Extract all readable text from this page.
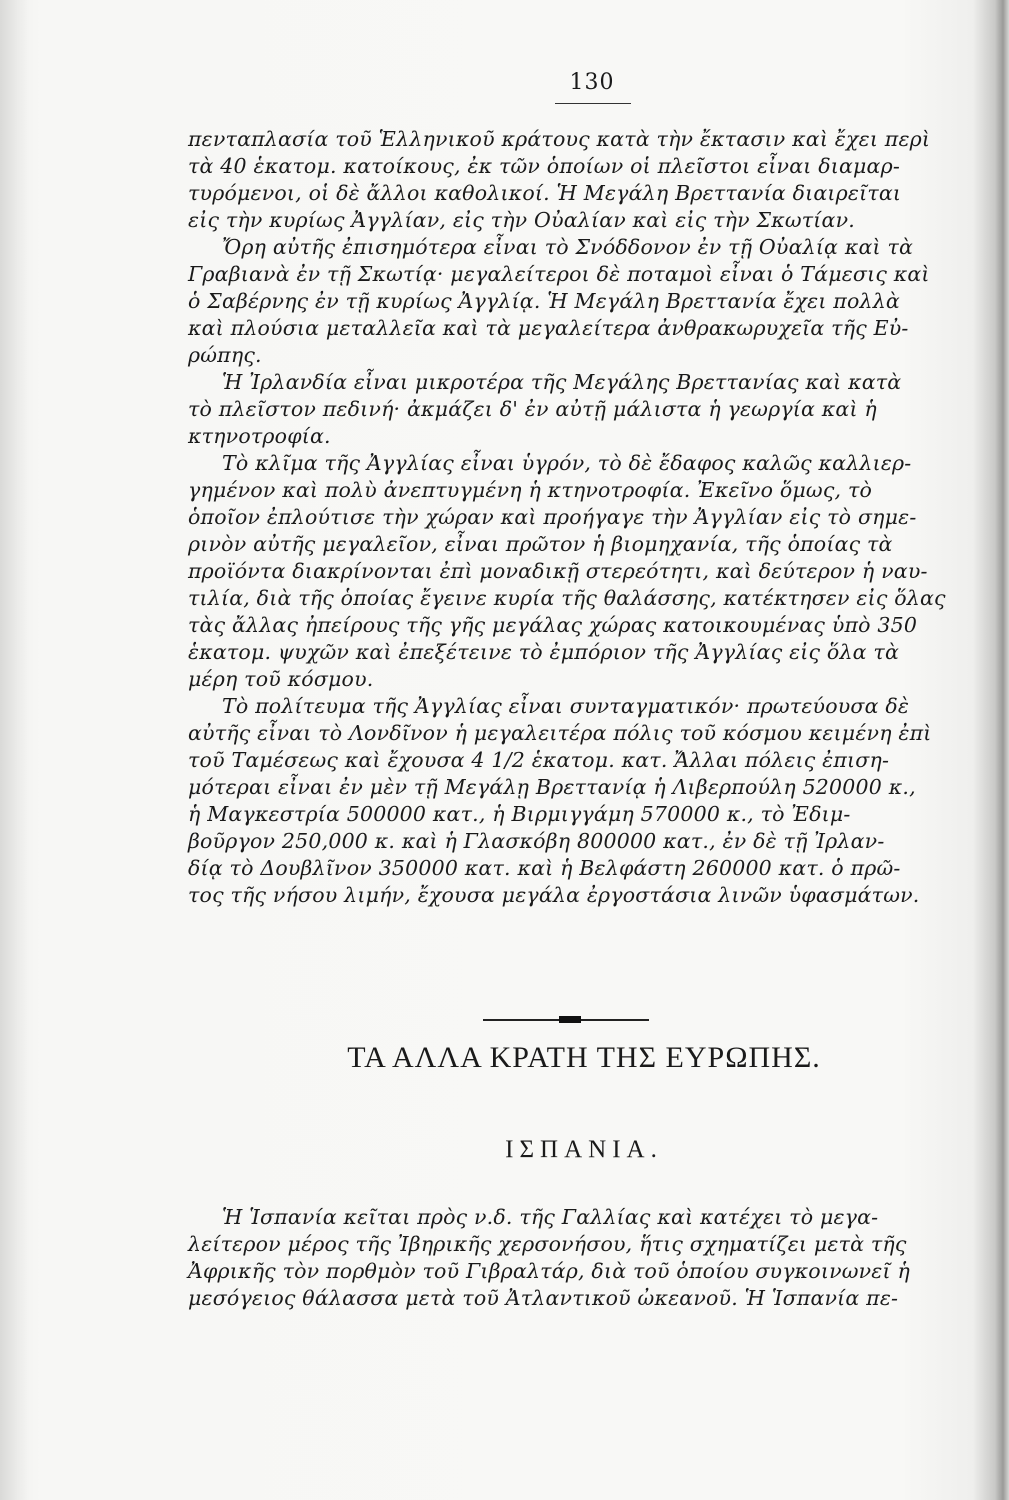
130
πενταπλασία τοῦ Ἑλληνικοῦ κράτους κατὰ τὴν ἔκτασιν καὶ ἔχει περὶ
τὰ 40 ἑκατομ. κατοίκους, ἐκ τῶν ὁποίων οἱ πλεῖστοι εἶναι διαμαρ-
τυρόμενοι, οἱ δὲ ἄλλοι καθολικοί. Ἡ Μεγάλη Βρεττανία διαιρεῖται
εἰς τὴν κυρίως Ἀγγλίαν, εἰς τὴν Οὐαλίαν καὶ εἰς τὴν Σκωτίαν.
Ὄρη αὐτῆς ἐπισημότερα εἶναι τὸ Σνόδδονον ἐν τῇ Οὐαλίᾳ καὶ τὰ
Γραβιανὰ ἐν τῇ Σκωτίᾳ· μεγαλείτεροι δὲ ποταμοὶ εἶναι ὁ Τάμεσις καὶ
ὁ Σαβέρνης ἐν τῇ κυρίως Ἀγγλίᾳ. Ἡ Μεγάλη Βρεττανία ἔχει πολλὰ
καὶ πλούσια μεταλλεῖα καὶ τὰ μεγαλείτερα ἀνθρακωρυχεῖα τῆς Εὐ-
ρώπης.
Ἡ Ἰρλανδία εἶναι μικροτέρα τῆς Μεγάλης Βρεττανίας καὶ κατὰ
τὸ πλεῖστον πεδινή· ἀκμάζει δ' ἐν αὐτῇ μάλιστα ἡ γεωργία καὶ ἡ
κτηνοτροφία.
Τὸ κλῖμα τῆς Ἀγγλίας εἶναι ὑγρόν, τὸ δὲ ἔδαφος καλῶς καλλιερ-
γημένον καὶ πολὺ ἀνεπτυγμένη ἡ κτηνοτροφία. Ἐκεῖνο ὅμως, τὸ
ὁποῖον ἐπλούτισε τὴν χώραν καὶ προήγαγε τὴν Ἀγγλίαν εἰς τὸ σημε-
ρινὸν αὐτῆς μεγαλεῖον, εἶναι πρῶτον ἡ βιομηχανία, τῆς ὁποίας τὰ
προϊόντα διακρίνονται ἐπὶ μοναδικῇ στερεότητι, καὶ δεύτερον ἡ ναυ-
τιλία, διὰ τῆς ὁποίας ἔγεινε κυρία τῆς θαλάσσης, κατέκτησεν εἰς ὅλας
τὰς ἄλλας ἠπείρους τῆς γῆς μεγάλας χώρας κατοικουμένας ὑπὸ 350
ἑκατομ. ψυχῶν καὶ ἐπεξέτεινε τὸ ἐμπόριον τῆς Ἀγγλίας εἰς ὅλα τὰ
μέρη τοῦ κόσμου.
Τὸ πολίτευμα τῆς Ἀγγλίας εἶναι συνταγματικόν· πρωτεύουσα δὲ
αὐτῆς εἶναι τὸ Λονδῖνον ἡ μεγαλειτέρα πόλις τοῦ κόσμου κειμένη ἐπὶ
τοῦ Ταμέσεως καὶ ἔχουσα 4 1/2 ἑκατομ. κατ. Ἄλλαι πόλεις ἐπιση-
μότεραι εἶναι ἐν μὲν τῇ Μεγάλῃ Βρεττανίᾳ ἡ Λιβερπούλη 520000 κ.,
ἡ Μαγκεστρία 500000 κατ., ἡ Βιρμιγγάμη 570000 κ., τὸ Ἐδιμ-
βοῦργον 250,000 κ. καὶ ἡ Γλασκόβη 800000 κατ., ἐν δὲ τῇ Ἰρλαν-
δίᾳ τὸ Δουβλῖνον 350000 κατ. καὶ ἡ Βελφάστη 260000 κατ. ὁ πρῶ-
τος τῆς νήσου λιμήν, ἔχουσα μεγάλα ἐργοστάσια λινῶν ὑφασμάτων.
ΤΑ ΑΛΛΑ ΚΡΑΤΗ ΤΗΣ ΕΥΡΩΠΗΣ.
ΙΣΠΑΝΙΑ.
Ἡ Ἱσπανία κεῖται πρὸς ν.δ. τῆς Γαλλίας καὶ κατέχει τὸ μεγα-
λείτερον μέρος τῆς Ἰβηρικῆς χερσονήσου, ἥτις σχηματίζει μετὰ τῆς
Ἀφρικῆς τὸν πορθμὸν τοῦ Γιβραλτάρ, διὰ τοῦ ὁποίου συγκοινωνεῖ ἡ
μεσόγειος θάλασσα μετὰ τοῦ Ἀτλαντικοῦ ὠκεανοῦ. Ἡ Ἱσπανία πε-
